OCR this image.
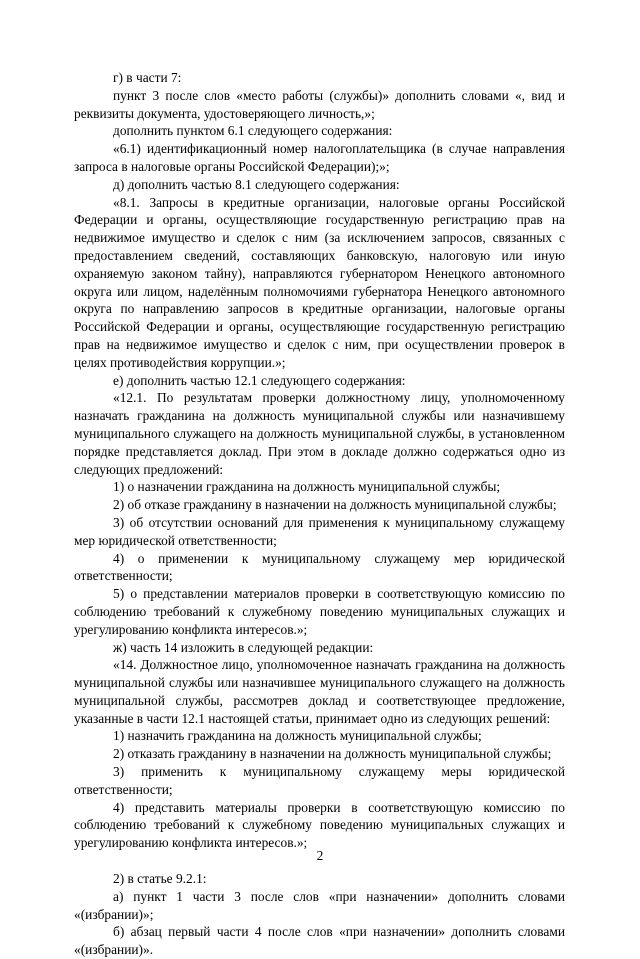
г) в части 7:

пункт 3 после слов «место работы (службы)» дополнить словами «, вид и реквизиты документа, удостоверяющего личность,»;

дополнить пунктом 6.1 следующего содержания:

«6.1) идентификационный номер налогоплательщика (в случае направления запроса в налоговые органы Российской Федерации);»;

д) дополнить частью 8.1 следующего содержания:

«8.1. Запросы в кредитные организации, налоговые органы Российской Федерации и органы, осуществляющие государственную регистрацию прав на недвижимое имущество и сделок с ним (за исключением запросов, связанных с предоставлением сведений, составляющих банковскую, налоговую или иную охраняемую законом тайну), направляются губернатором Ненецкого автономного округа или лицом, наделённым полномочиями губернатора Ненецкого автономного округа по направлению запросов в кредитные организации, налоговые органы Российской Федерации и органы, осуществляющие государственную регистрацию прав на недвижимое имущество и сделок с ним, при осуществлении проверок в целях противодействия коррупции.»;

е) дополнить частью 12.1 следующего содержания:

«12.1. По результатам проверки должностному лицу, уполномоченному назначать гражданина на должность муниципальной службы или назначившему муниципального служащего на должность муниципальной службы, в установленном порядке представляется доклад. При этом в докладе должно содержаться одно из следующих предложений:

1) о назначении гражданина на должность муниципальной службы;

2) об отказе гражданину в назначении на должность муниципальной службы;

3) об отсутствии оснований для применения к муниципальному служащему мер юридической ответственности;

4) о применении к муниципальному служащему мер юридической ответственности;

5) о представлении материалов проверки в соответствующую комиссию по соблюдению требований к служебному поведению муниципальных служащих и урегулированию конфликта интересов.»;

ж) часть 14 изложить в следующей редакции:

«14. Должностное лицо, уполномоченное назначать гражданина на должность муниципальной службы или назначившее муниципального служащего на должность муниципальной службы, рассмотрев доклад и соответствующее предложение, указанные в части 12.1 настоящей статьи, принимает одно из следующих решений:

1) назначить гражданина на должность муниципальной службы;

2) отказать гражданину в назначении на должность муниципальной службы;

3) применить к муниципальному служащему меры юридической ответственности;

4) представить материалы проверки в соответствующую комиссию по соблюдению требований к служебному поведению муниципальных служащих и урегулированию конфликта интересов.»;

2) в статье 9.2.1:

а) пункт 1 части 3 после слов «при назначении» дополнить словами «(избрании)»;

б) абзац первый части 4 после слов «при назначении» дополнить словами «(избрании)».

2
